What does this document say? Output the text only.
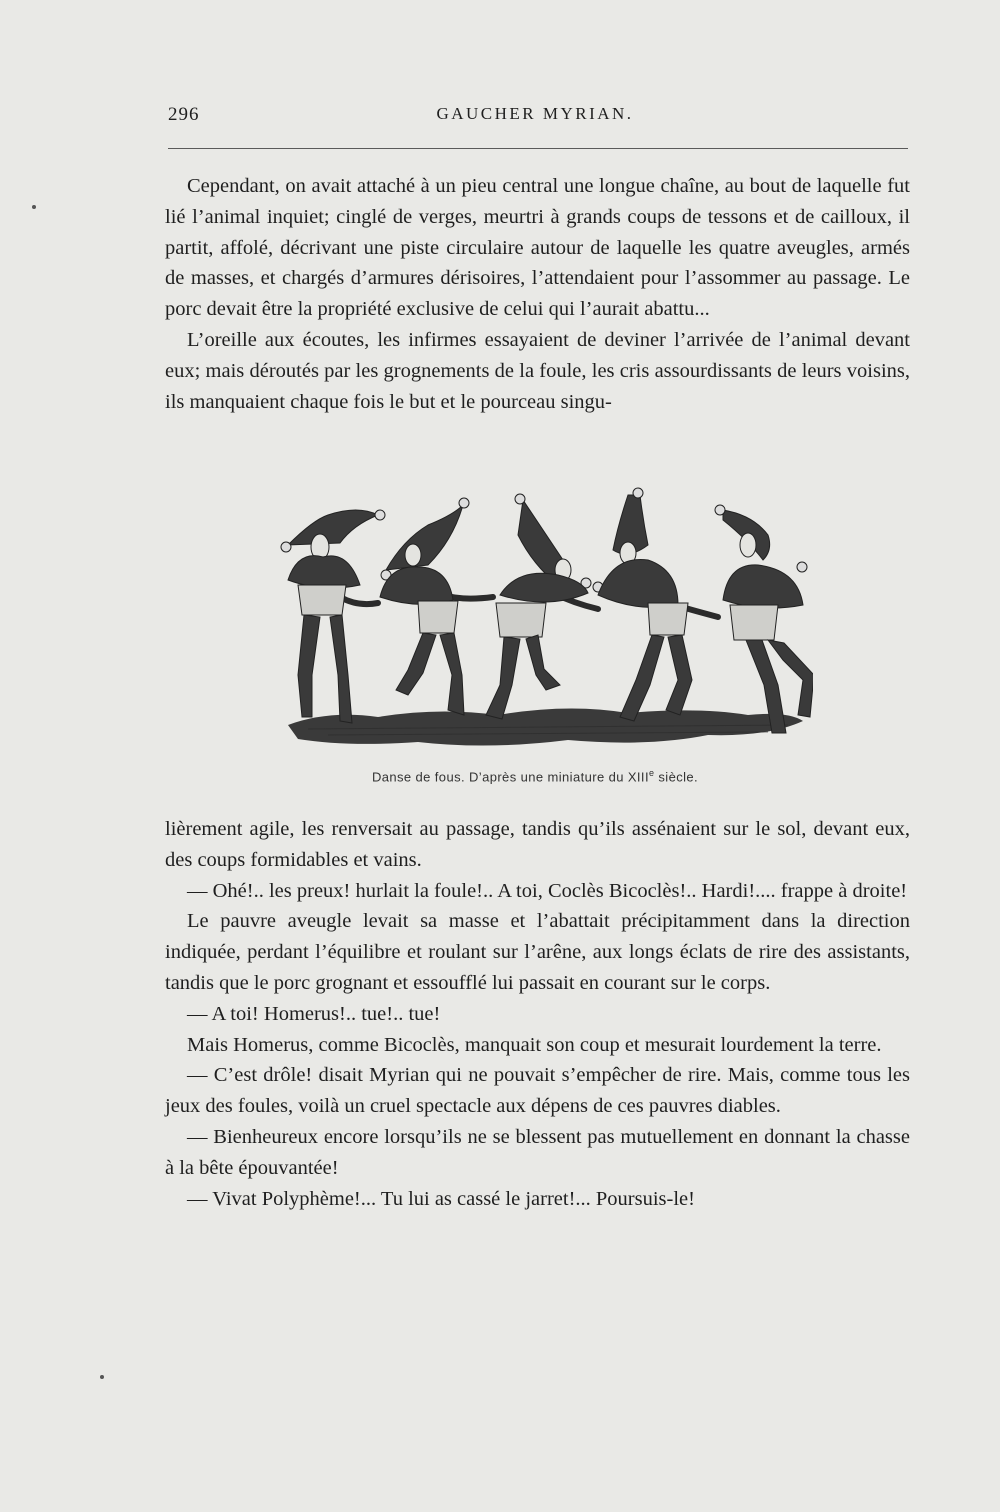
296	GAUCHER MYRIAN.

Cependant, on avait attaché à un pieu central une longue chaîne, au bout de laquelle fut lié l’animal inquiet; cinglé de verges, meurtri à grands coups de tessons et de cailloux, il partit, affolé, décrivant une piste circulaire autour de laquelle les quatre aveugles, armés de masses, et chargés d’armures dérisoires, l’attendaient pour l’assommer au passage. Le porc devait être la propriété exclusive de celui qui l’aurait abattu...

L’oreille aux écoutes, les infirmes essayaient de deviner l’arrivée de l’animal devant eux; mais déroutés par les grognements de la foule, les cris assourdissants de leurs voisins, ils manquaient chaque fois le but et le pourceau singu-

Danse de fous. D’après une miniature du XIIIe siècle.

lièrement agile, les renversait au passage, tandis qu’ils assénaient sur le sol, devant eux, des coups formidables et vains.

— Ohé!.. les preux! hurlait la foule!.. A toi, Coclès Bicoclès!.. Hardi!.... frappe à droite!

Le pauvre aveugle levait sa masse et l’abattait précipitamment dans la direction indiquée, perdant l’équilibre et roulant sur l’arêne, aux longs éclats de rire des assistants, tandis que le porc grognant et essoufflé lui passait en courant sur le corps.

— A toi! Homerus!.. tue!.. tue!

Mais Homerus, comme Bicoclès, manquait son coup et mesurait lourdement la terre.

— C’est drôle! disait Myrian qui ne pouvait s’empêcher de rire. Mais, comme tous les jeux des foules, voilà un cruel spectacle aux dépens de ces pauvres diables.

— Bienheureux encore lorsqu’ils ne se blessent pas mutuellement en donnant la chasse à la bête épouvantée!

— Vivat Polyphème!... Tu lui as cassé le jarret!... Poursuis-le!
